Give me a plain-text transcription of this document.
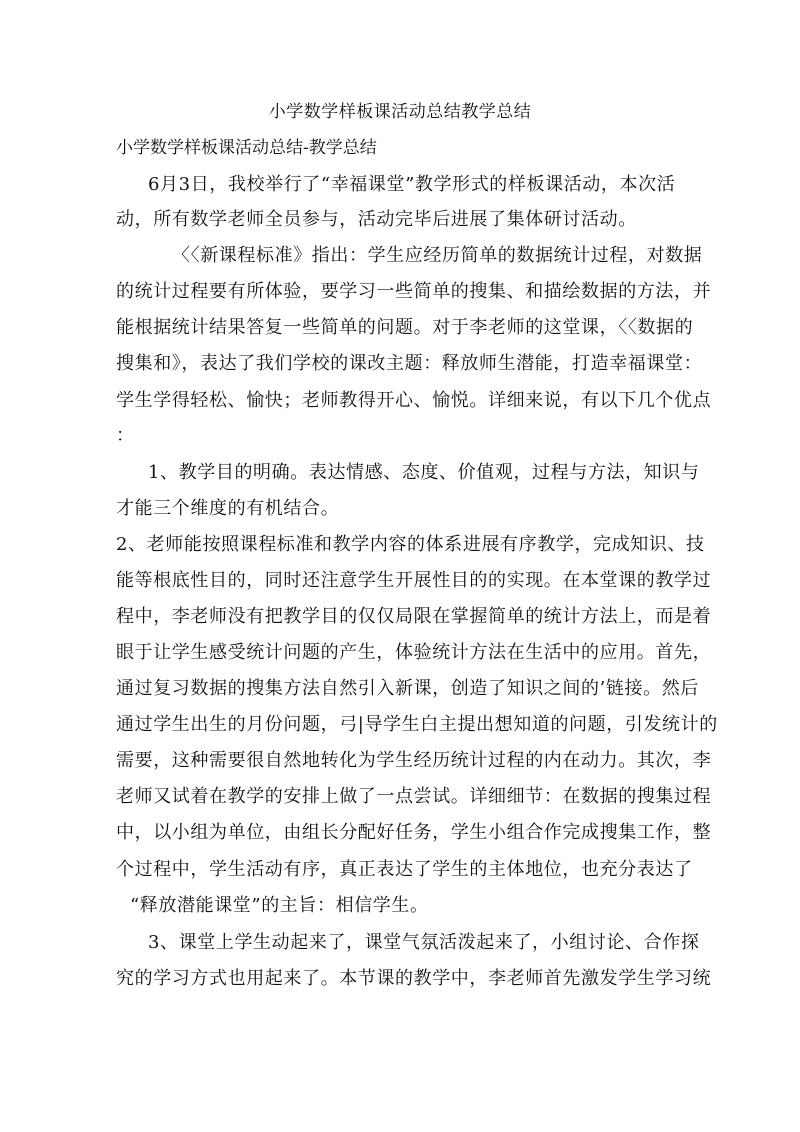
小学数学样板课活动总结教学总结
小学数学样板课活动总结-教学总结
6月3日，我校举行了“幸福课堂”教学形式的样板课活动，本次活
动，所有数学老师全员参与，活动完毕后进展了集体研讨活动。
〈〈新课程标准》指出：学生应经历简单的数据统计过程，对数据
的统计过程要有所体验，要学习一些简单的搜集、和描绘数据的方法，并
能根据统计结果答复一些简单的问题。对于李老师的这堂课，〈〈数据的
搜集和》，表达了我们学校的课改主题：释放师生潜能，打造幸福课堂：
学生学得轻松、愉快；老师教得开心、愉悦。详细来说，有以下几个优点
：
1、教学目的明确。表达情感、态度、价值观，过程与方法，知识与
才能三个维度的有机结合。
2、老师能按照课程标准和教学内容的体系进展有序教学，完成知识、技
能等根底性目的，同时还注意学生开展性目的的实现。在本堂课的教学过
程中，李老师没有把教学目的仅仅局限在掌握简单的统计方法上，而是着
眼于让学生感受统计问题的产生，体验统计方法在生活中的应用。首先，
通过复习数据的搜集方法自然引入新课，创造了知识之间的’链接。然后
通过学生出生的月份问题，弓|导学生白主提出想知道的问题，引发统计的
需要，这种需要很自然地转化为学生经历统计过程的内在动力。其次，李
老师又试着在教学的安排上做了一点尝试。详细细节：在数据的搜集过程
中，以小组为单位，由组长分配好任务，学生小组合作完成搜集工作，整
个过程中，学生活动有序，真正表达了学生的主体地位，也充分表达了
“释放潜能课堂”的主旨：相信学生。
3、课堂上学生动起来了，课堂气氛活泼起来了，小组讨论、合作探
究的学习方式也用起来了。本节课的教学中，李老师首先激发学生学习统
